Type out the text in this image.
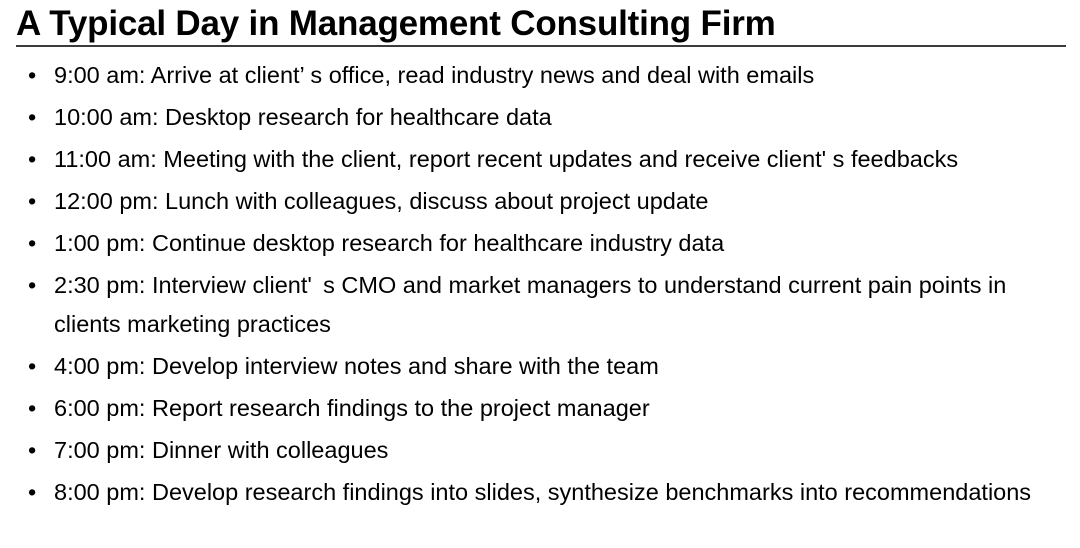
A Typical Day in Management Consulting Firm
• 9:00 am: Arrive at client’ s office, read industry news and deal with emails
• 10:00 am: Desktop research for healthcare data
• 11:00 am: Meeting with the client, report recent updates and receive client' s feedbacks
• 12:00 pm: Lunch with colleagues, discuss about project update
• 1:00 pm: Continue desktop research for healthcare industry data
• 2:30 pm: Interview client'  s CMO and market managers to understand current pain points in clients marketing practices
• 4:00 pm: Develop interview notes and share with the team
• 6:00 pm: Report research findings to the project manager
• 7:00 pm: Dinner with colleagues
• 8:00 pm: Develop research findings into slides, synthesize benchmarks into recommendations
